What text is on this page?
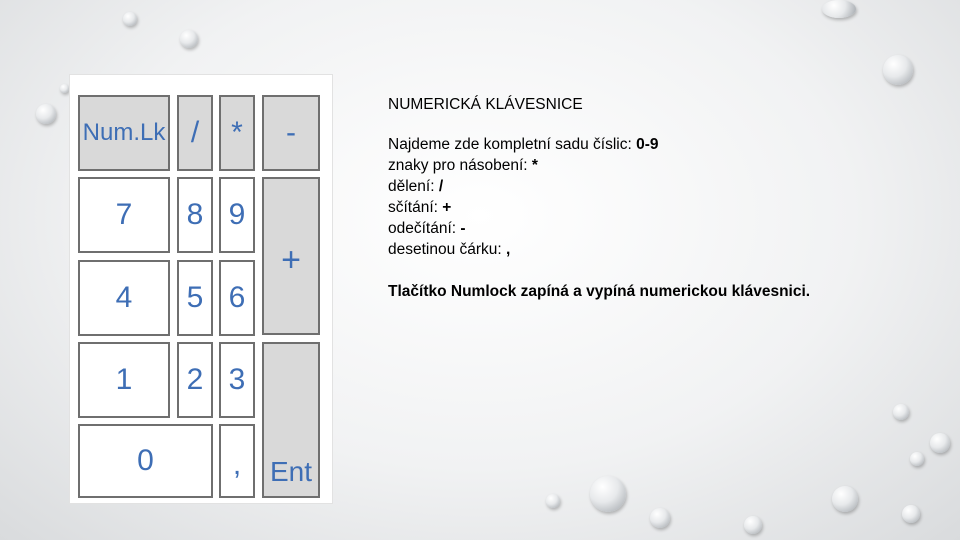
Num.Lk /	*	-
7	8 9
+
4	5 6
1	2 3
Ent
0	,

NUMERICKÁ KLÁVESNICE

Najdeme zde kompletní sadu číslic: 0-9

znaky pro násobení: *

dělení: /

sčítání: +

odečítání: -

desetinou čárku: ,

Tlačítko Numlock zapíná a vypíná numerickou klávesnici.
